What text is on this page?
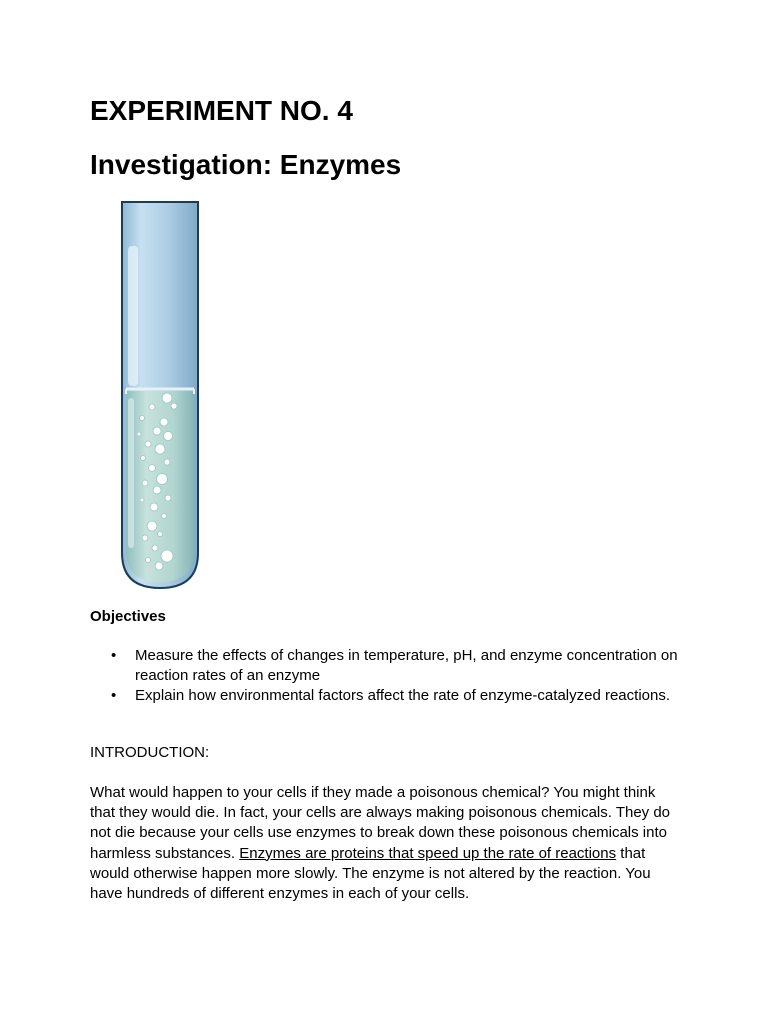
EXPERIMENT NO. 4
Investigation: Enzymes
Objectives
• Measure the effects of changes in temperature, pH, and enzyme concentration on reaction rates of an enzyme
• Explain how environmental factors affect the rate of enzyme-catalyzed reactions.

INTRODUCTION:

What would happen to your cells if they made a poisonous chemical? You might think that they would die. In fact, your cells are always making poisonous chemicals. They do not die because your cells use enzymes to break down these poisonous chemicals into harmless substances. Enzymes are proteins that speed up the rate of reactions that would otherwise happen more slowly. The enzyme is not altered by the reaction. You have hundreds of different enzymes in each of your cells.
